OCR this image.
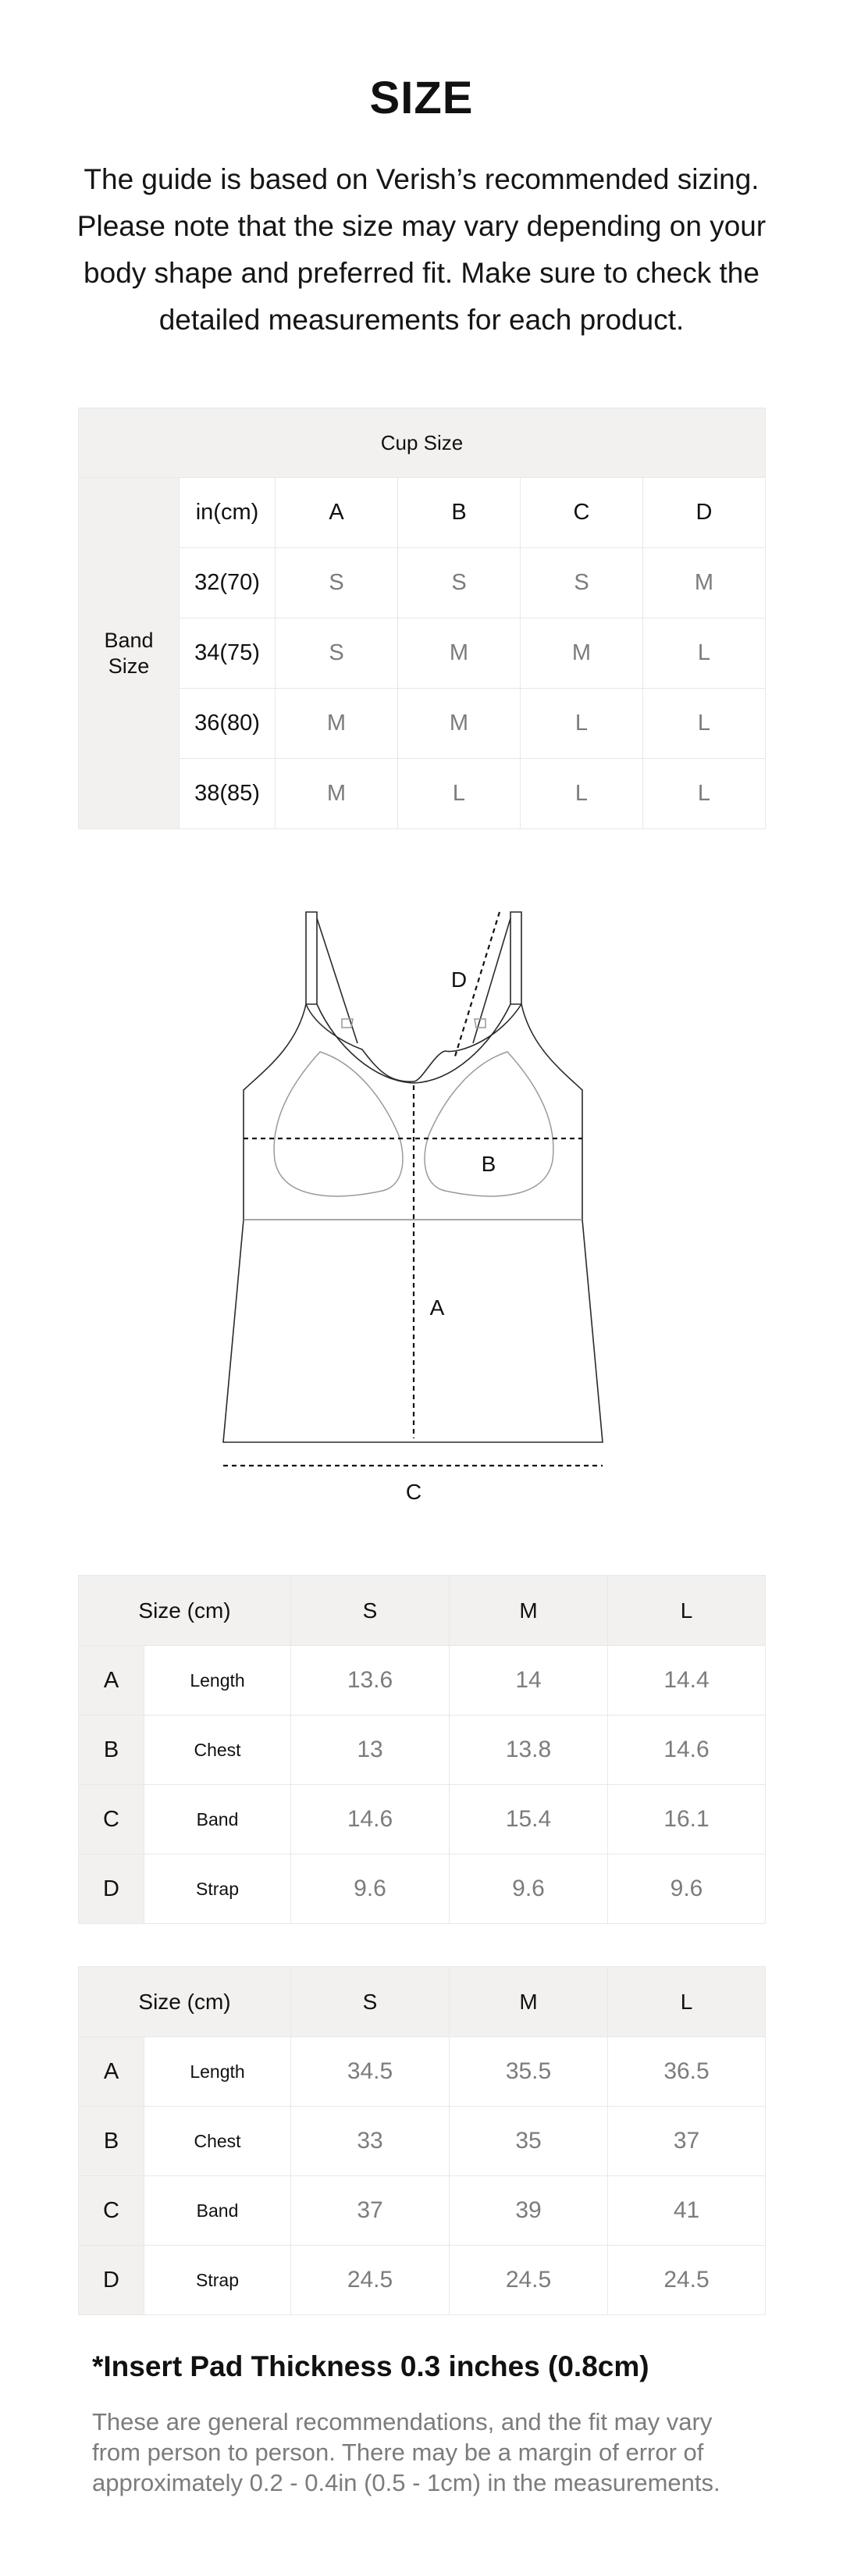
SIZE
The guide is based on Verish’s recommended sizing.
Please note that the size may vary depending on your
body shape and preferred fit. Make sure to check the
detailed measurements for each product.
Cup Size					

Band
Size	in(cm)	A	B	C	D
	32(70)	S	S	S	M
	34(75)	S	M	M	L
	36(80)	M	M	L	L
	38(85)	M	L	L	L
D
B
A
C
Size (cm)		S	M	L
A	Length	13.6	14	14.4
B	Chest	13	13.8	14.6
C	Band	14.6	15.4	16.1
D	Strap	9.6	9.6	9.6
Size (cm)		S	M	L
A	Length	34.5	35.5	36.5
B	Chest	33	35	37
C	Band	37	39	41
D	Strap	24.5	24.5	24.5
*Insert Pad Thickness 0.3 inches (0.8cm)
These are general recommendations, and the fit may vary
from person to person. There may be a margin of error of
approximately 0.2 - 0.4in (0.5 - 1cm) in the measurements.
